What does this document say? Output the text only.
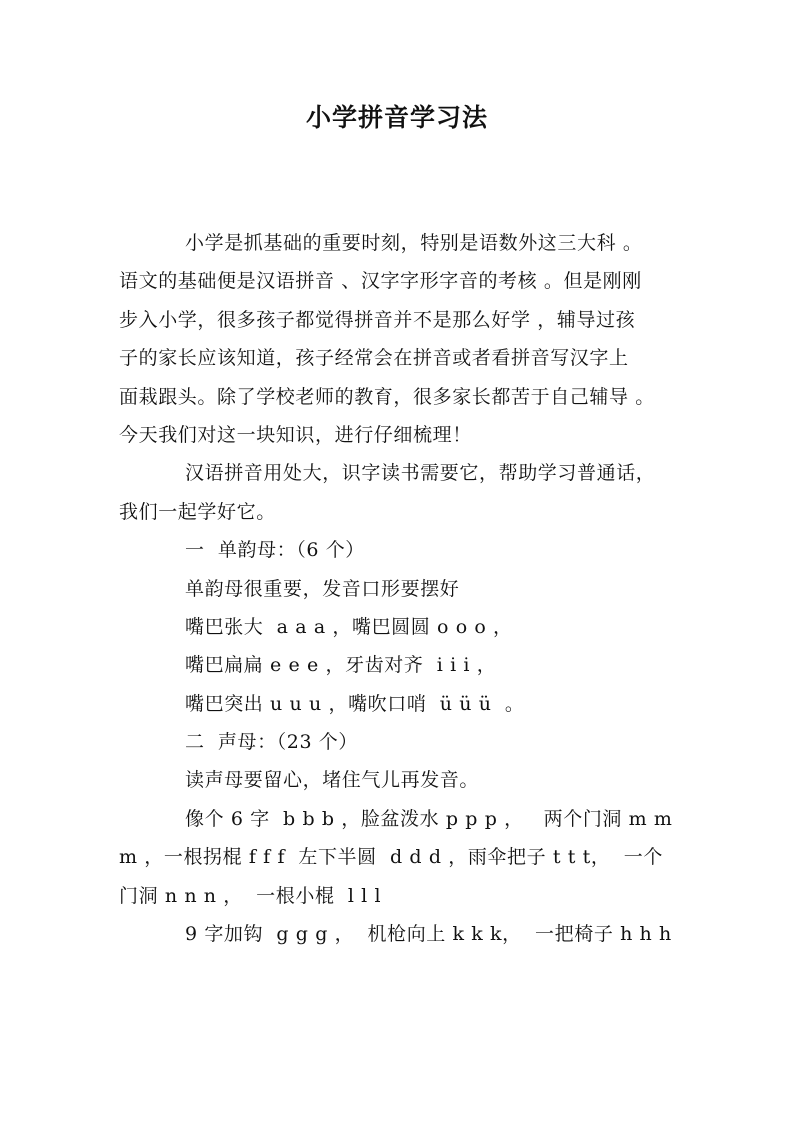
小学拼音学习法
小学是抓基础的重要时刻，特别是语数外这三大科 。
语文的基础便是汉语拼音 、汉字字形字音的考核 。但是刚刚
步入小学，很多孩子都觉得拼音并不是那么好学 ，辅导过孩
子的家长应该知道，孩子经常会在拼音或者看拼音写汉字上
面栽跟头。除了学校老师的教育，很多家长都苦于自己辅导 。
今天我们对这一块知识，进行仔细梳理！
汉语拼音用处大，识字读书需要它，帮助学习普通话，
我们一起学好它。
一  单韵母：（6 个）
单韵母很重要，发音口形要摆好
嘴巴张大  a a a ，嘴巴圆圆 o o o ，
嘴巴扁扁 e e e ，牙齿对齐  i i i ，
嘴巴突出 u u u ，嘴吹口哨  ü ü ü  。
二  声母：（23 个）
读声母要留心，堵住气儿再发音。
像个 6 字  b b b ，脸盆泼水 p p p ，   两个门洞 m m
m ，一根拐棍 f f f  左下半圆  d d d ，雨伞把子 t t t，  一个
门洞 n n n ，  一根小棍  l l l
9 字加钩  g g g ，  机枪向上 k k k，  一把椅子 h h h
